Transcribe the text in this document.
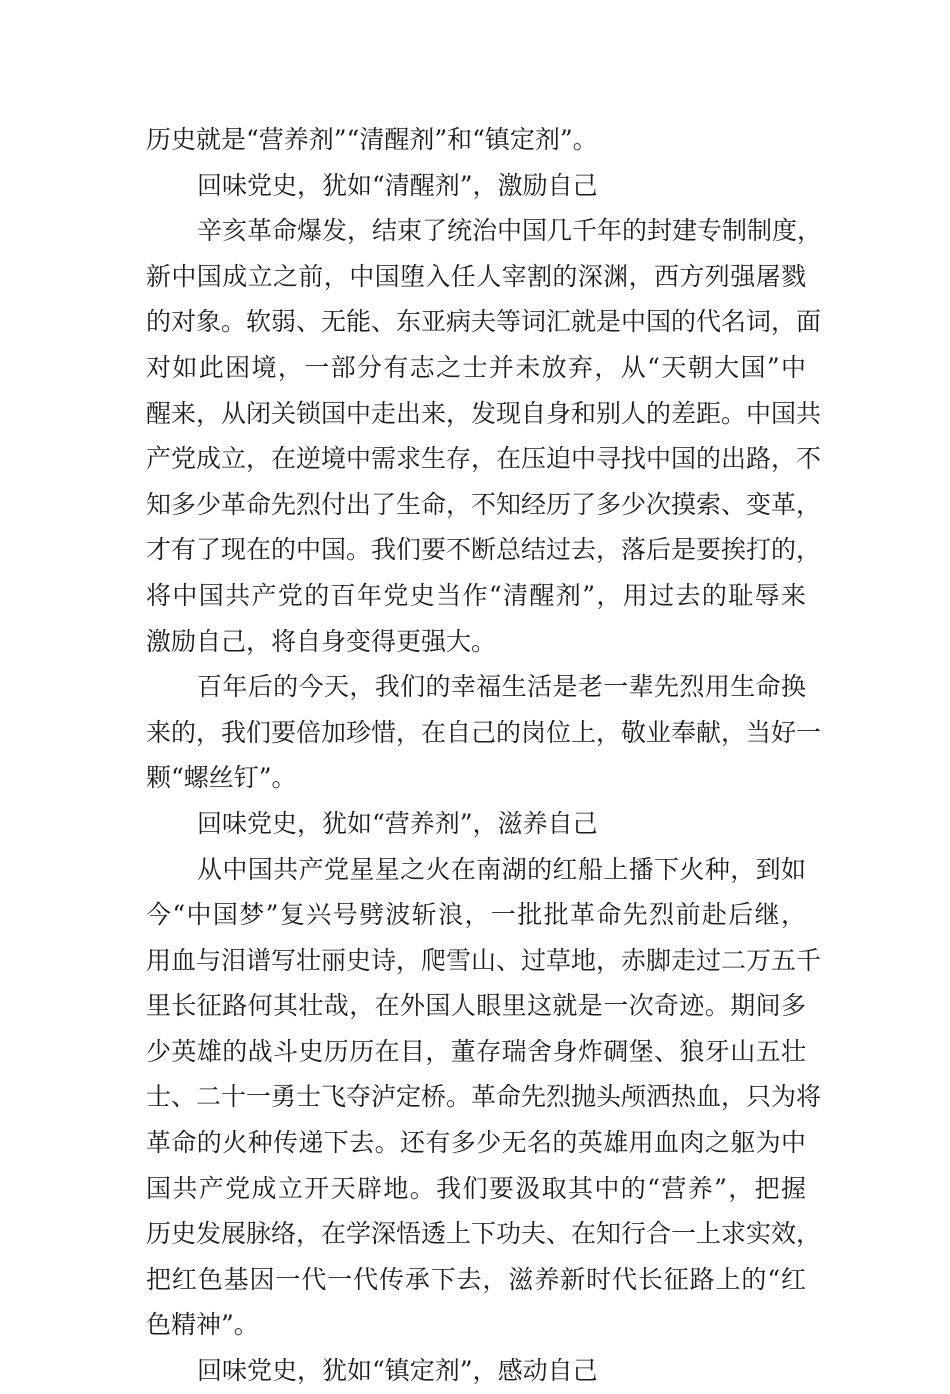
历史就是“营养剂”“清醒剂”和“镇定剂”。
回味党史，犹如“清醒剂”，激励自己
辛亥革命爆发，结束了统治中国几千年的封建专制制度，
新中国成立之前，中国堕入任人宰割的深渊，西方列强屠戮
的对象。软弱、无能、东亚病夫等词汇就是中国的代名词，面
对如此困境，一部分有志之士并未放弃，从“天朝大国”中
醒来，从闭关锁国中走出来，发现自身和别人的差距。中国共
产党成立，在逆境中需求生存，在压迫中寻找中国的出路，不
知多少革命先烈付出了生命，不知经历了多少次摸索、变革，
才有了现在的中国。我们要不断总结过去，落后是要挨打的，
将中国共产党的百年党史当作“清醒剂”，用过去的耻辱来
激励自己，将自身变得更强大。
百年后的今天，我们的幸福生活是老一辈先烈用生命换
来的，我们要倍加珍惜，在自己的岗位上，敬业奉献，当好一
颗“螺丝钉”。
回味党史，犹如“营养剂”，滋养自己
从中国共产党星星之火在南湖的红船上播下火种，到如
今“中国梦”复兴号劈波斩浪，一批批革命先烈前赴后继，
用血与泪谱写壮丽史诗，爬雪山、过草地，赤脚走过二万五千
里长征路何其壮哉，在外国人眼里这就是一次奇迹。期间多
少英雄的战斗史历历在目，董存瑞舍身炸碉堡、狼牙山五壮
士、二十一勇士飞夺泸定桥。革命先烈抛头颅洒热血，只为将
革命的火种传递下去。还有多少无名的英雄用血肉之躯为中
国共产党成立开天辟地。我们要汲取其中的“营养”，把握
历史发展脉络，在学深悟透上下功夫、在知行合一上求实效，
把红色基因一代一代传承下去，滋养新时代长征路上的“红
色精神”。
回味党史，犹如“镇定剂”，感动自己
